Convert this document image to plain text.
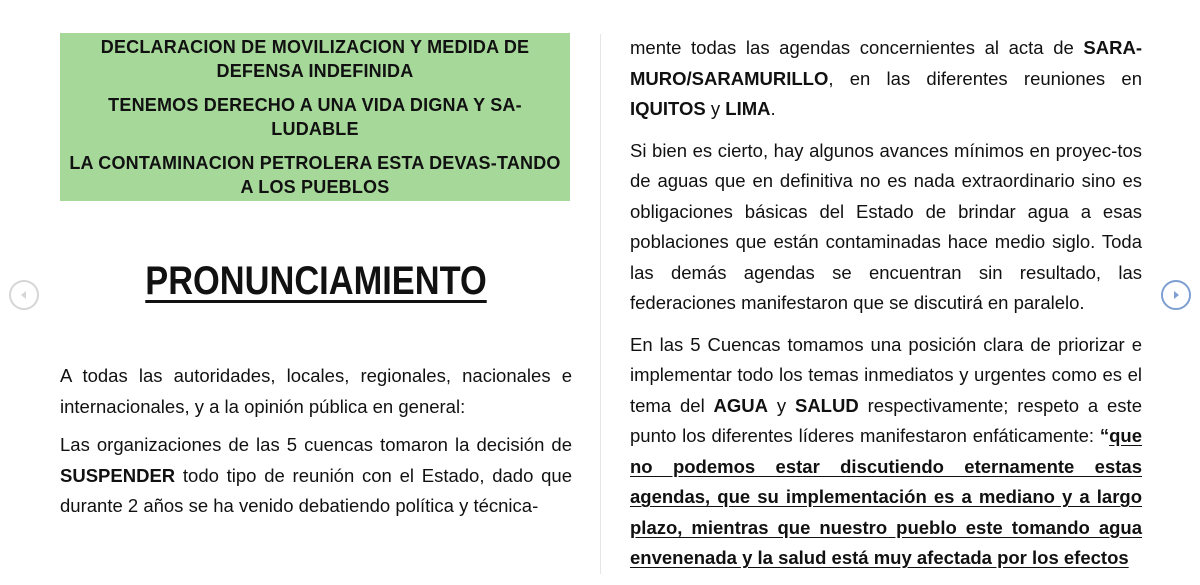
DECLARACION DE MOVILIZACION Y MEDIDA DE DEFENSA INDEFINIDA
TENEMOS DERECHO A UNA VIDA DIGNA Y SA-LUDABLE
LA CONTAMINACION PETROLERA ESTA DEVAS-TANDO A LOS PUEBLOS
PRONUNCIAMIENTO

A todas las autoridades, locales, regionales, nacionales e internacionales, y a la opinión pública en general:

Las organizaciones de las 5 cuencas tomaron la decisión de SUSPENDER todo tipo de reunión con el Estado, dado que durante 2 años se ha venido debatiendo política y técnica-

mente todas las agendas concernientes al acta de SARA-MURO/SARAMURILLO, en las diferentes reuniones en IQUITOS y LIMA.

Si bien es cierto, hay algunos avances mínimos en proyec-tos de aguas que en definitiva no es nada extraordinario sino es obligaciones básicas del Estado de brindar agua a esas poblaciones que están contaminadas hace medio siglo. Toda las demás agendas se encuentran sin resultado, las federaciones manifestaron que se discutirá en paralelo.

En las 5 Cuencas tomamos una posición clara de priorizar e implementar todo los temas inmediatos y urgentes como es el tema del AGUA y SALUD respectivamente; respeto a este punto los diferentes líderes manifestaron enfáticamente: “que no podemos estar discutiendo eternamente estas agendas, que su implementación es a mediano y a largo plazo, mientras que nuestro pueblo este tomando agua envenenada y la salud está muy afectada por los efectos
